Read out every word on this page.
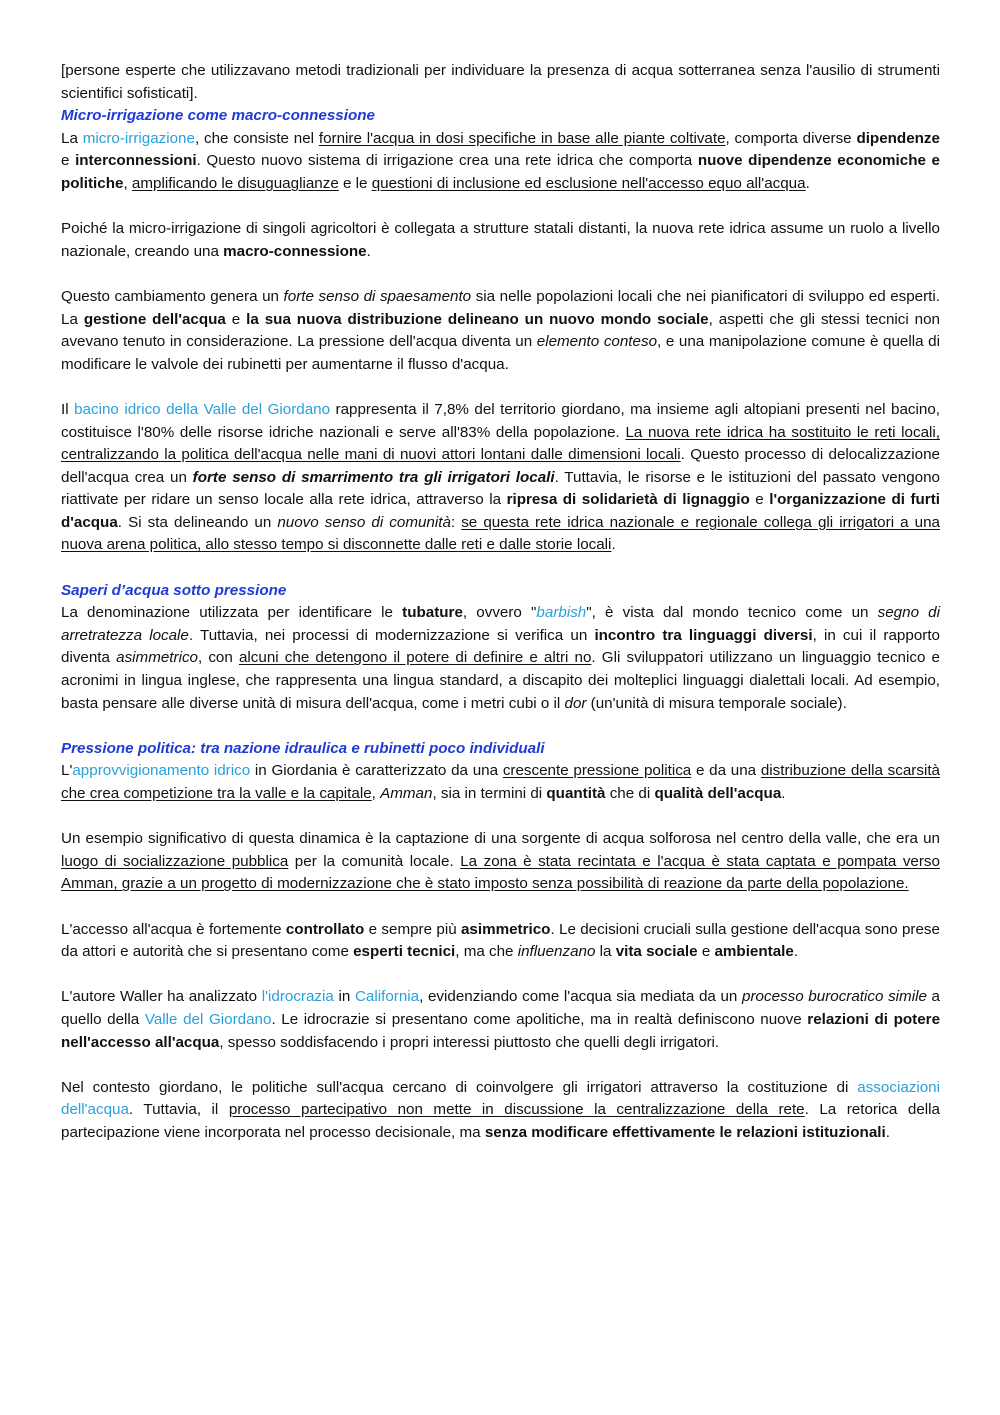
[persone esperte che utilizzavano metodi tradizionali per individuare la presenza di acqua sotterranea senza l'ausilio di strumenti scientifici sofisticati].

Micro-irrigazione come macro-connessione

La micro-irrigazione, che consiste nel fornire l'acqua in dosi specifiche in base alle piante coltivate, comporta diverse dipendenze e interconnessioni. Questo nuovo sistema di irrigazione crea una rete idrica che comporta nuove dipendenze economiche e politiche, amplificando le disuguaglianze e le questioni di inclusione ed esclusione nell'accesso equo all'acqua.

Poiché la micro-irrigazione di singoli agricoltori è collegata a strutture statali distanti, la nuova rete idrica assume un ruolo a livello nazionale, creando una macro-connessione.

Questo cambiamento genera un forte senso di spaesamento sia nelle popolazioni locali che nei pianificatori di sviluppo ed esperti. La gestione dell'acqua e la sua nuova distribuzione delineano un nuovo mondo sociale, aspetti che gli stessi tecnici non avevano tenuto in considerazione. La pressione dell'acqua diventa un elemento conteso, e una manipolazione comune è quella di modificare le valvole dei rubinetti per aumentarne il flusso d'acqua.

Il bacino idrico della Valle del Giordano rappresenta il 7,8% del territorio giordano, ma insieme agli altopiani presenti nel bacino, costituisce l'80% delle risorse idriche nazionali e serve all'83% della popolazione. La nuova rete idrica ha sostituito le reti locali, centralizzando la politica dell'acqua nelle mani di nuovi attori lontani dalle dimensioni locali. Questo processo di delocalizzazione dell'acqua crea un forte senso di smarrimento tra gli irrigatori locali. Tuttavia, le risorse e le istituzioni del passato vengono riattivate per ridare un senso locale alla rete idrica, attraverso la ripresa di solidarietà di lignaggio e l'organizzazione di furti d'acqua. Si sta delineando un nuovo senso di comunità: se questa rete idrica nazionale e regionale collega gli irrigatori a una nuova arena politica, allo stesso tempo si disconnette dalle reti e dalle storie locali.

Saperi d’acqua sotto pressione

La denominazione utilizzata per identificare le tubature, ovvero "barbish", è vista dal mondo tecnico come un segno di arretratezza locale. Tuttavia, nei processi di modernizzazione si verifica un incontro tra linguaggi diversi, in cui il rapporto diventa asimmetrico, con alcuni che detengono il potere di definire e altri no. Gli sviluppatori utilizzano un linguaggio tecnico e acronimi in lingua inglese, che rappresenta una lingua standard, a discapito dei molteplici linguaggi dialettali locali. Ad esempio, basta pensare alle diverse unità di misura dell'acqua, come i metri cubi o il dor (un'unità di misura temporale sociale).

Pressione politica: tra nazione idraulica e rubinetti poco individuali

L'approvvigionamento idrico in Giordania è caratterizzato da una crescente pressione politica e da una distribuzione della scarsità che crea competizione tra la valle e la capitale, Amman, sia in termini di quantità che di qualità dell'acqua.

Un esempio significativo di questa dinamica è la captazione di una sorgente di acqua solforosa nel centro della valle, che era un luogo di socializzazione pubblica per la comunità locale. La zona è stata recintata e l'acqua è stata captata e pompata verso Amman, grazie a un progetto di modernizzazione che è stato imposto senza possibilità di reazione da parte della popolazione.

L'accesso all'acqua è fortemente controllato e sempre più asimmetrico. Le decisioni cruciali sulla gestione dell'acqua sono prese da attori e autorità che si presentano come esperti tecnici, ma che influenzano la vita sociale e ambientale.

L'autore Waller ha analizzato l'idrocrazia in California, evidenziando come l'acqua sia mediata da un processo burocratico simile a quello della Valle del Giordano. Le idrocrazie si presentano come apolitiche, ma in realtà definiscono nuove relazioni di potere nell'accesso all'acqua, spesso soddisfacendo i propri interessi piuttosto che quelli degli irrigatori.

Nel contesto giordano, le politiche sull'acqua cercano di coinvolgere gli irrigatori attraverso la costituzione di associazioni dell'acqua. Tuttavia, il processo partecipativo non mette in discussione la centralizzazione della rete. La retorica della partecipazione viene incorporata nel processo decisionale, ma senza modificare effettivamente le relazioni istituzionali.
